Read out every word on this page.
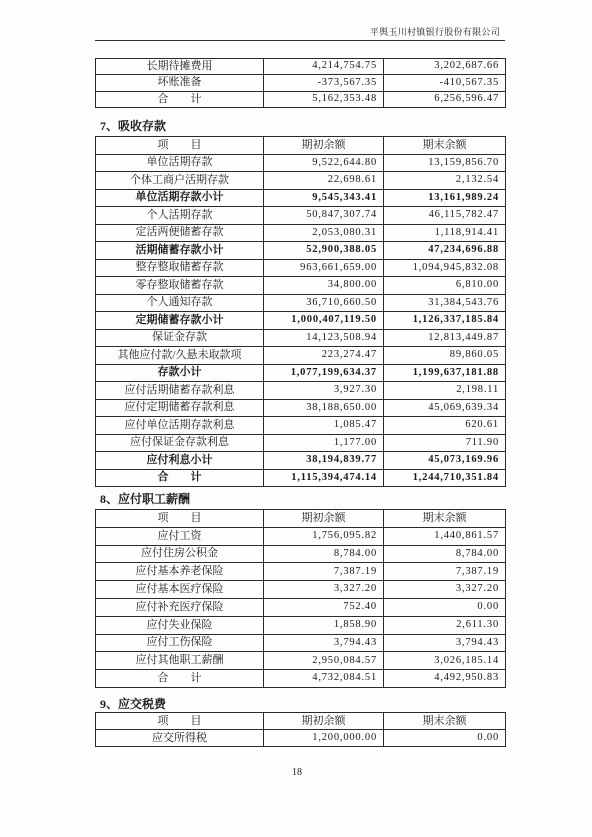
平舆玉川村镇银行股份有限公司
长期待摊费用	4,214,754.75	3,202,687.66
坏账准备	-373,567.35	-410,567.35
合　　计	5,162,353.48	6,256,596.47
7、吸收存款
项　　目	期初余额	期末余额
单位活期存款	9,522,644.80	13,159,856.70
个体工商户活期存款	22,698.61	2,132.54
单位活期存款小计	9,545,343.41	13,161,989.24
个人活期存款	50,847,307.74	46,115,782.47
定活两便储蓄存款	2,053,080.31	1,118,914.41
活期储蓄存款小计	52,900,388.05	47,234,696.88
整存整取储蓄存款	963,661,659.00	1,094,945,832.08
零存整取储蓄存款	34,800.00	6,810.00
个人通知存款	36,710,660.50	31,384,543.76
定期储蓄存款小计	1,000,407,119.50	1,126,337,185.84
保证金存款	14,123,508.94	12,813,449.87
其他应付款/久悬未取款项	223,274.47	89,860.05
存款小计	1,077,199,634.37	1,199,637,181.88
应付活期储蓄存款利息	3,927.30	2,198.11
应付定期储蓄存款利息	38,188,650.00	45,069,639.34
应付单位活期存款利息	1,085.47	620.61
应付保证金存款利息	1,177.00	711.90
应付利息小计	38,194,839.77	45,073,169.96
合　　计	1,115,394,474.14	1,244,710,351.84
8、应付职工薪酬
项　　目	期初余额	期末余额
应付工资	1,756,095.82	1,440,861.57
应付住房公积金	8,784.00	8,784.00
应付基本养老保险	7,387.19	7,387.19
应付基本医疗保险	3,327.20	3,327.20
应付补充医疗保险	752.40	0.00
应付失业保险	1,858.90	2,611.30
应付工伤保险	3,794.43	3,794.43
应付其他职工薪酬	2,950,084.57	3,026,185.14
合　　计	4,732,084.51	4,492,950.83
9、应交税费
项　　目	期初余额	期末余额
应交所得税	1,200,000.00	0.00
18
